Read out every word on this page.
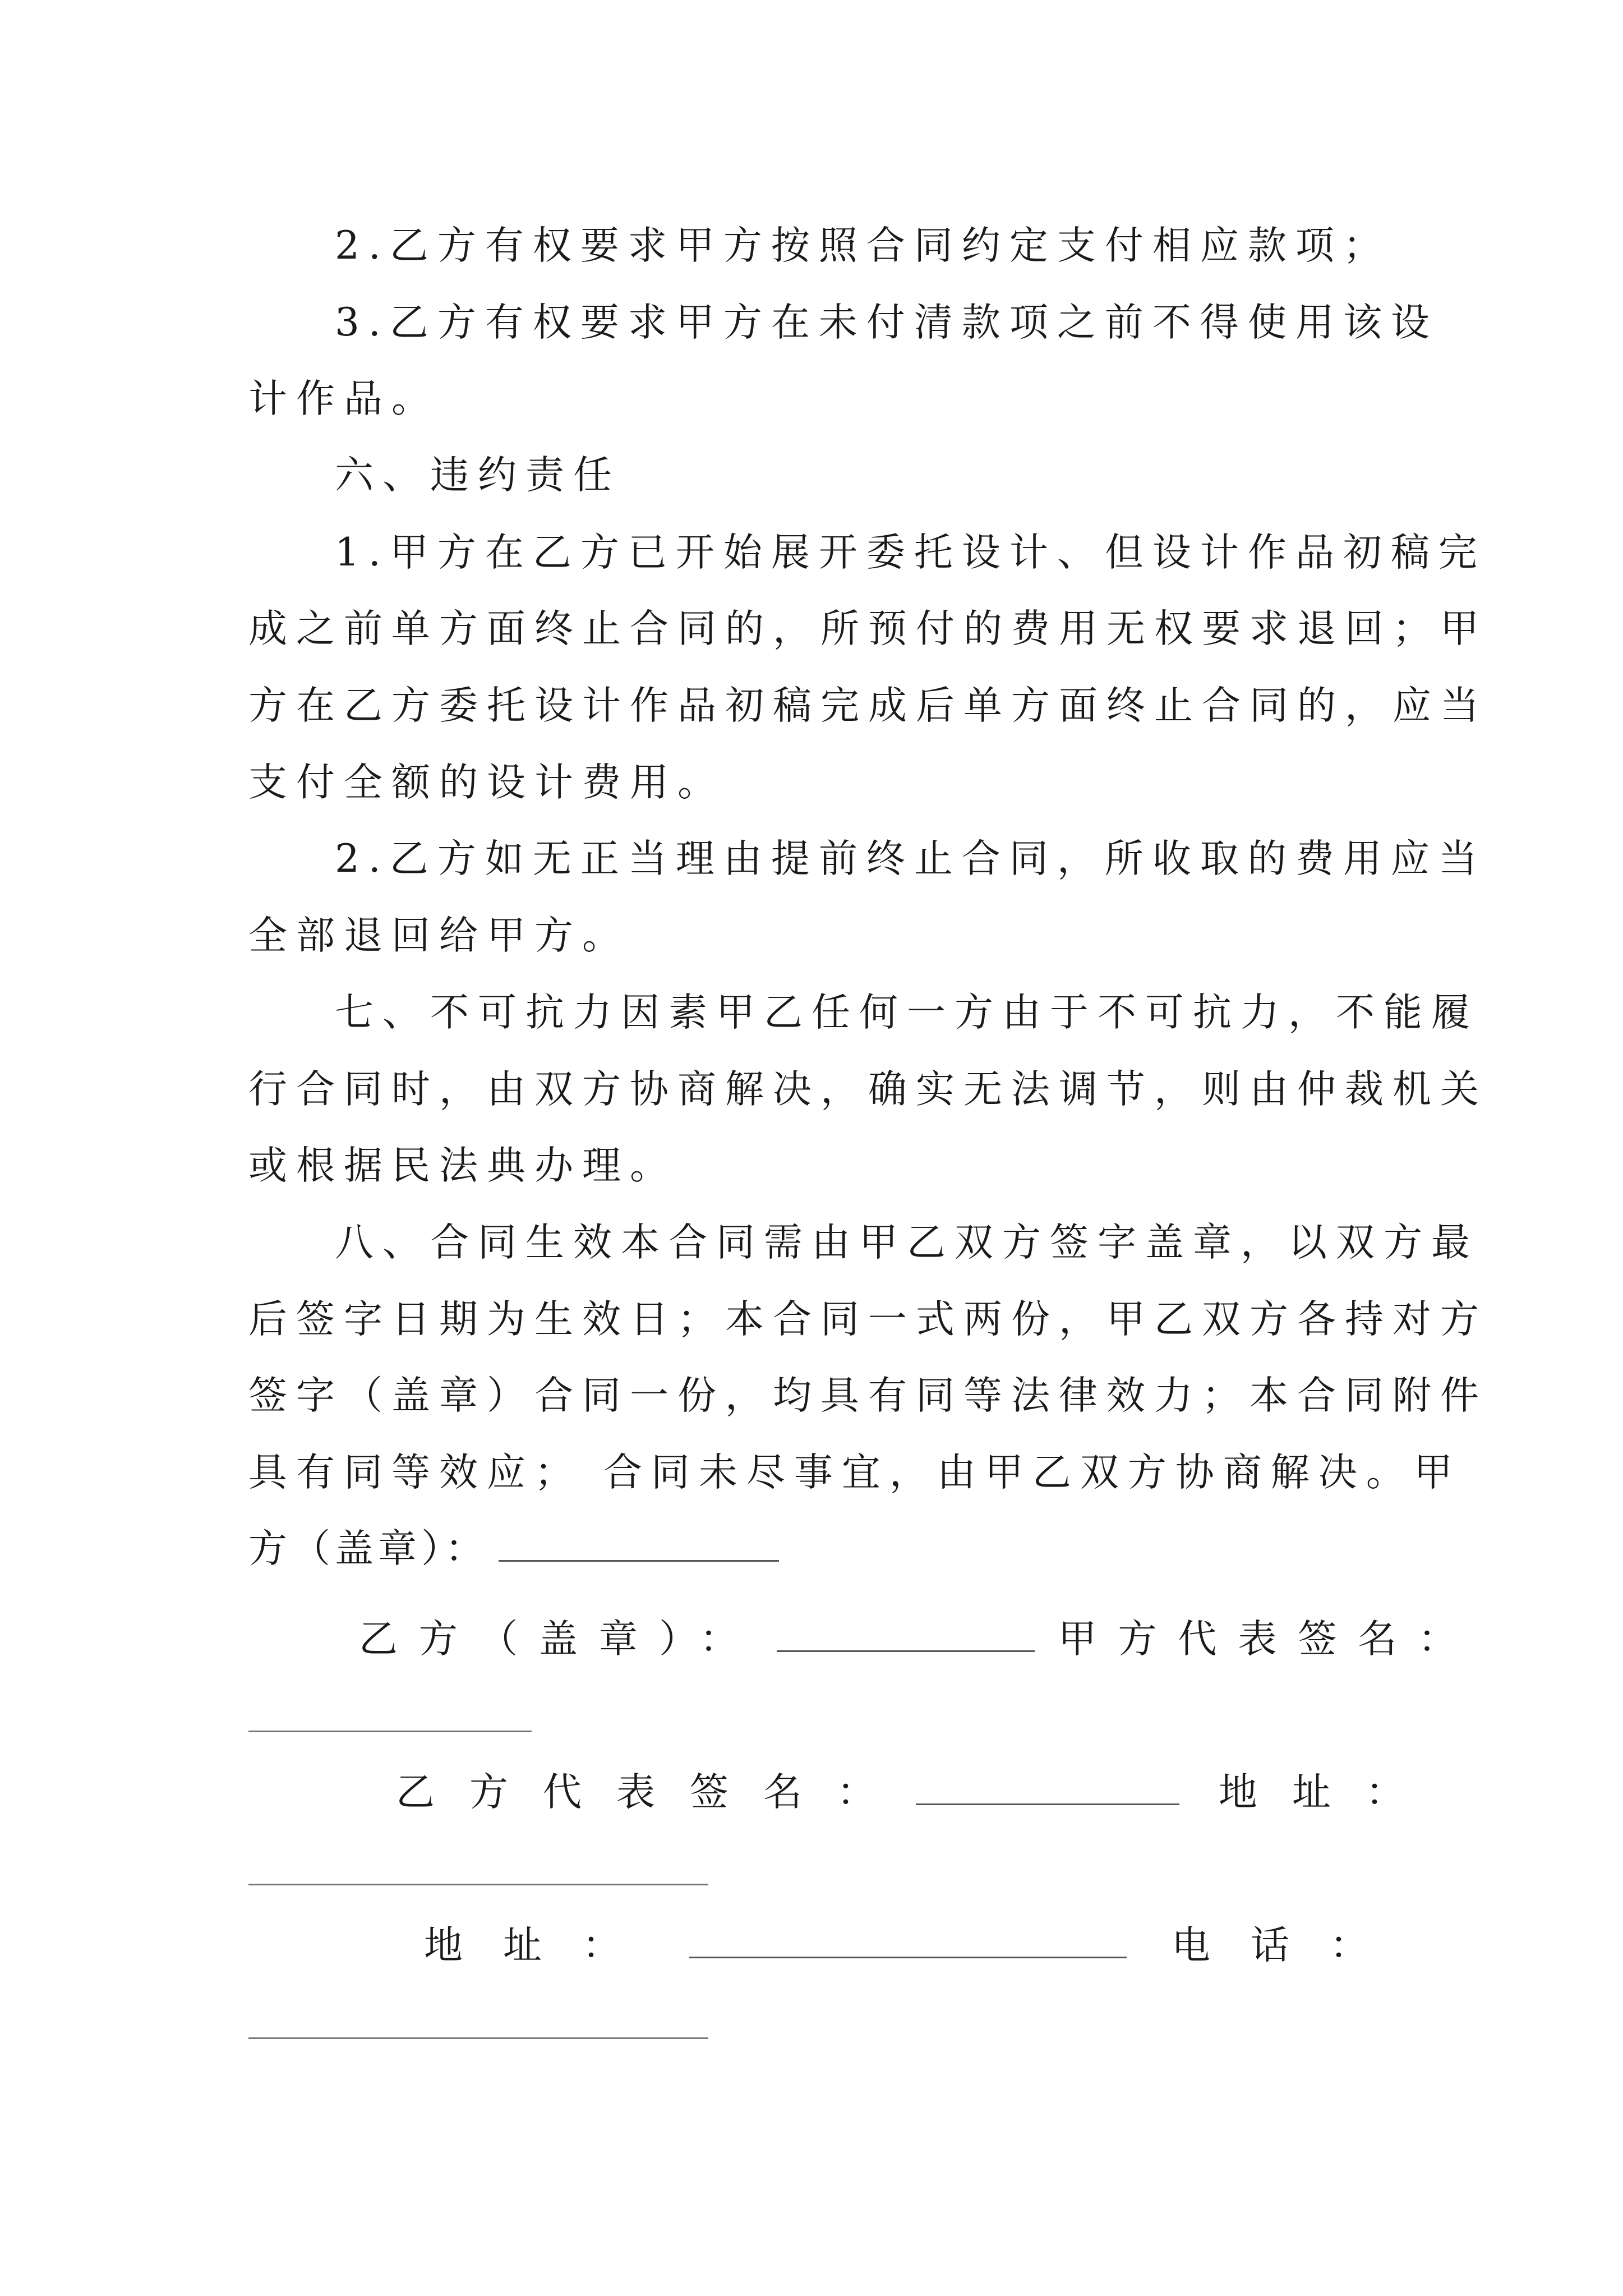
2.乙方有权要求甲方按照合同约定支付相应款项；
3.乙方有权要求甲方在未付清款项之前不得使用该设
计作品。
六、违约责任
1.甲方在乙方已开始展开委托设计、但设计作品初稿完
成之前单方面终止合同的，所预付的费用无权要求退回；甲
方在乙方委托设计作品初稿完成后单方面终止合同的，应当
支付全额的设计费用。
2.乙方如无正当理由提前终止合同，所收取的费用应当
全部退回给甲方。
七、不可抗力因素甲乙任何一方由于不可抗力，不能履
行合同时，由双方协商解决，确实无法调节，则由仲裁机关
或根据民法典办理。
八、合同生效本合同需由甲乙双方签字盖章，以双方最
后签字日期为生效日；本合同一式两份，甲乙双方各持对方
签字（盖章）合同一份，均具有同等法律效力；本合同附件
具有同等效应； 合同未尽事宜，由甲乙双方协商解决。甲
方（盖章）：
乙方（盖章）：	甲方代表签名：
乙方代表签名：	地址：
地址：	电话：
